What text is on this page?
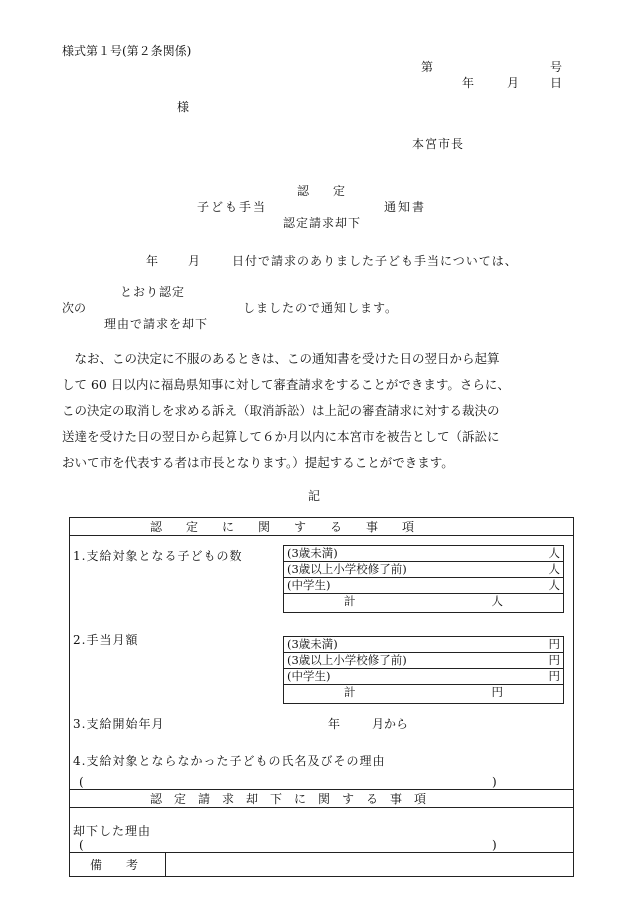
様式第１号(第２条関係)
第	号
年	月	日
様
本宮市長
認　　定
子ども手当	通知書
認定請求却下
年 月	日付で請求のありました子ども手当については、
とおり認定
次の	しましたので通知します。
理由で請求を却下
　なお、この決定に不服のあるときは、この通知書を受けた日の翌日から起算
して 60 日以内に福島県知事に対して審査請求をすることができます。さらに、
この決定の取消しを求める訴え（取消訴訟）は上記の審査請求に対する裁決の
送達を受けた日の翌日から起算して６か月以内に本宮市を被告として（訴訟に
おいて市を代表する者は市長となります。）提起することができます。
記
認　　定　　に　　関　　す　　る　　事　　項
1.支給対象となる子どもの数	(3歳未満)	人
(3歳以上小学校修了前)	人
(中学生)	人
計	人
2.手当月額	(3歳未満)	円
(3歳以上小学校修了前)	円
(中学生)	円
計	円
3.支給開始年月	年	月から
4.支給対象とならなかった子どもの氏名及びその理由
(	)
認　定　請　求　却　下　に　関　す　る　事　項
却下した理由
(	)
備　　考
